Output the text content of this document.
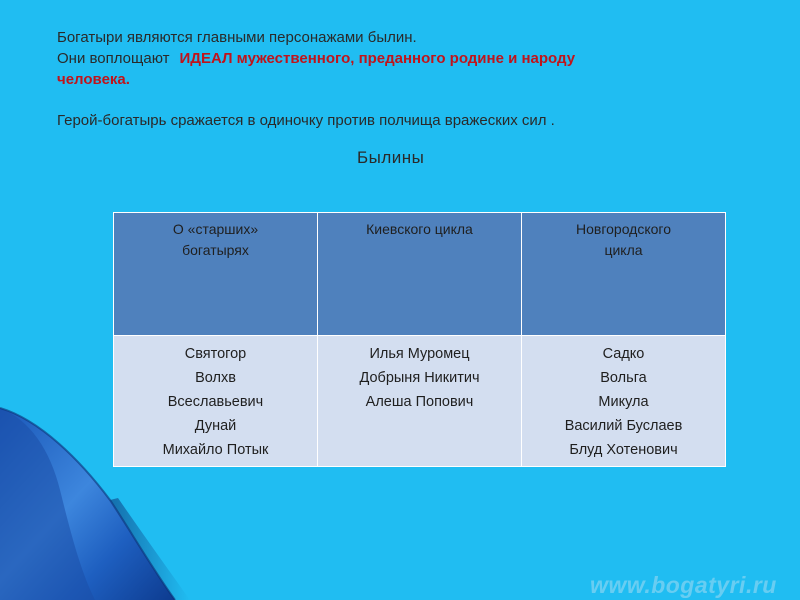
Богатыри являются главными персонажами былин.
Они воплощают ИДЕАЛ мужественного, преданного родине и народу
человека.
Герой-богатырь сражается в одиночку против полчища вражеских сил .
Былины
О «старших»
богатырях	Киевского цикла	Новгородского
цикла

Святогор
Волхв
Всеславьевич
Дунай
Михайло Потык	Илья Муромец
Добрыня Никитич
Алеша Попович	Садко
Вольга
Микула
Василий Буслаев
Блуд Хотенович
www.bogatyri.ru
